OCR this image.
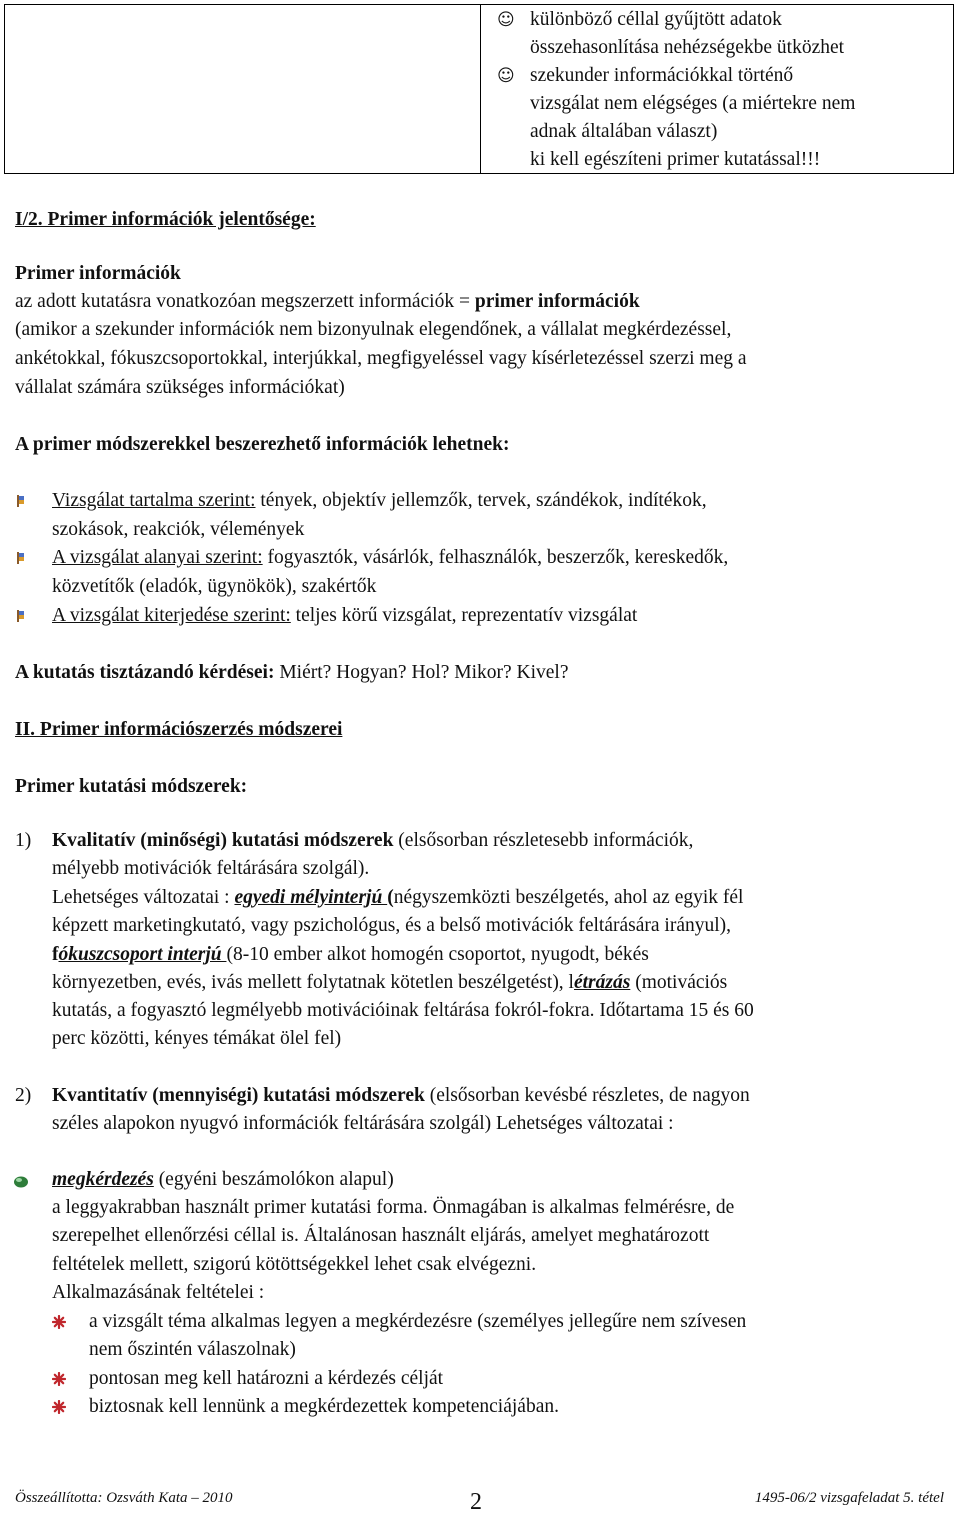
☺ különböző céllal gyűjtött adatok
összehasonlítása nehézségekbe ütközhet
☺ szekunder információkkal történő
vizsgálat nem elégséges (a miértekre nem
adnak általában választ)
ki kell egészíteni primer kutatással!!!
I/2. Primer információk jelentősége:
Primer információk
az adott kutatásra vonatkozóan megszerzett információk = primer információk
(amikor a szekunder információk nem bizonyulnak elegendőnek, a vállalat megkérdezéssel,
ankétokkal, fókuszcsoportokkal, interjúkkal, megfigyeléssel vagy kísérletezéssel szerzi meg a
vállalat számára szükséges információkat)
A primer módszerekkel beszerezhető információk lehetnek:
Vizsgálat tartalma szerint: tények, objektív jellemzők, tervek, szándékok, indítékok,
szokások, reakciók, vélemények
A vizsgálat alanyai szerint: fogyasztók, vásárlók, felhasználók, beszerzők, kereskedők,
közvetítők (eladók, ügynökök), szakértők
A vizsgálat kiterjedése szerint: teljes körű vizsgálat, reprezentatív vizsgálat
A kutatás tisztázandó kérdései: Miért? Hogyan? Hol? Mikor? Kivel?
II. Primer információszerzés módszerei
Primer kutatási módszerek:
1) Kvalitatív (minőségi) kutatási módszerek (elsősorban részletesebb információk,
mélyebb motivációk feltárására szolgál).
Lehetséges változatai : egyedi mélyinterjú (négyszemközti beszélgetés, ahol az egyik fél
képzett marketingkutató, vagy pszichológus, és a belső motivációk feltárására irányul),
fókuszcsoport interjú (8-10 ember alkot homogén csoportot, nyugodt, békés
környezetben, evés, ivás mellett folytatnak kötetlen beszélgetést), létrázás (motivációs
kutatás, a fogyasztó legmélyebb motivációinak feltárása fokról-fokra. Időtartama 15 és 60
perc közötti, kényes témákat ölel fel)
2) Kvantitatív (mennyiségi) kutatási módszerek (elsősorban kevésbé részletes, de nagyon
széles alapokon nyugvó információk feltárására szolgál) Lehetséges változatai :
megkérdezés (egyéni beszámolókon alapul)
a leggyakrabban használt primer kutatási forma. Önmagában is alkalmas felmérésre, de
szerepelhet ellenőrzési céllal is. Általánosan használt eljárás, amelyet meghatározott
feltételek mellett, szigorú kötöttségekkel lehet csak elvégezni.
Alkalmazásának feltételei :
a vizsgált téma alkalmas legyen a megkérdezésre (személyes jellegűre nem szívesen
nem őszintén válaszolnak)
pontosan meg kell határozni a kérdezés célját
biztosnak kell lennünk a megkérdezettek kompetenciájában.
Összeállította: Ozsváth Kata – 2010	2	1495-06/2 vizsgafeladat 5. tétel
